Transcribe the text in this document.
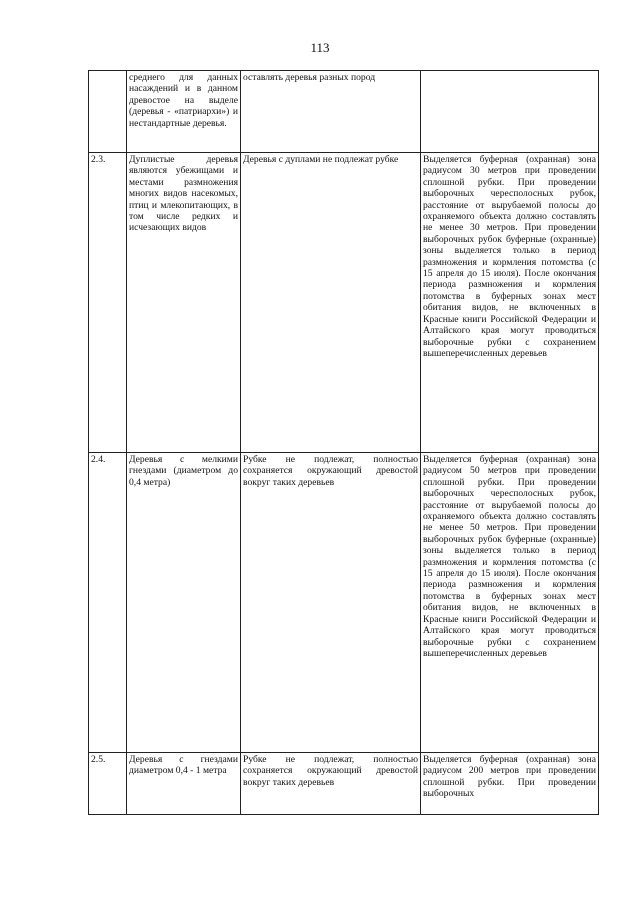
113
	среднего для данных насаждений и в данном древостое на выделе (деревья - «патриархи») и нестандартные деревья.	оставлять деревья разных пород	
2.3.	Дуплистые деревья являются убежищами и местами размножения многих видов насекомых, птиц и млекопитающих, в том числе редких и исчезающих видов	Деревья с дуплами не подлежат рубке	Выделяется буферная (охранная) зона радиусом 30 метров при проведении сплошной рубки. При проведении выборочных чересполосных рубок, расстояние от вырубаемой полосы до охраняемого объекта должно составлять не менее 30 метров. При проведении выборочных рубок буферные (охранные) зоны выделяется только в период размножения и кормления потомства (с 15 апреля до 15 июля). После окончания периода размножения и кормления потомства в буферных зонах мест обитания видов, не включенных в Красные книги Российской Федерации и Алтайского края могут проводиться выборочные рубки с сохранением вышеперечисленных деревьев
2.4.	Деревья с мелкими гнездами (диаметром до 0,4 метра)	Рубке не подлежат, полностью сохраняется окружающий древостой вокруг таких деревьев	Выделяется буферная (охранная) зона радиусом 50 метров при проведении сплошной рубки. При проведении выборочных чересполосных рубок, расстояние от вырубаемой полосы до охраняемого объекта должно составлять не менее 50 метров. При проведении выборочных рубок буферные (охранные) зоны выделяется только в период размножения и кормления потомства (с 15 апреля до 15 июля). После окончания периода размножения и кормления потомства в буферных зонах мест обитания видов, не включенных в Красные книги Российской Федерации и Алтайского края могут проводиться выборочные рубки с сохранением вышеперечисленных деревьев
2.5.	Деревья с гнездами диаметром 0,4 - 1 метра	Рубке не подлежат, полностью сохраняется окружающий древостой вокруг таких деревьев	Выделяется буферная (охранная) зона радиусом 200 метров при проведении сплошной рубки. При проведении выборочных
